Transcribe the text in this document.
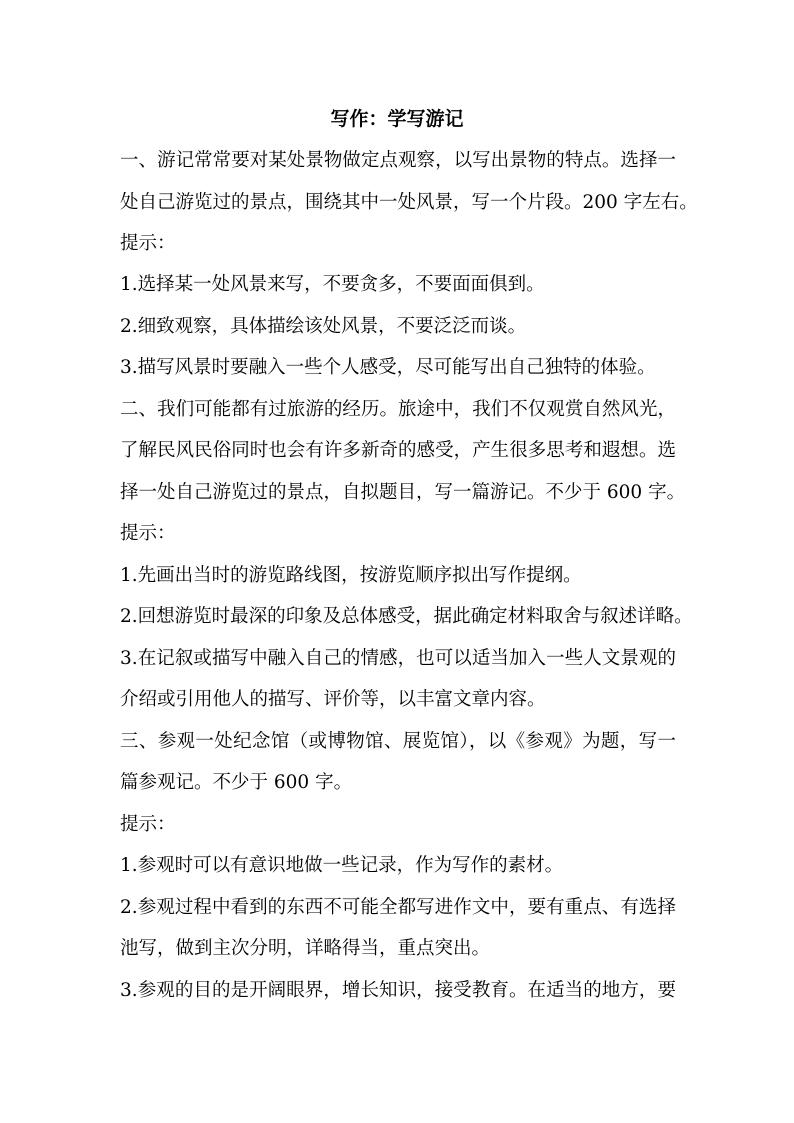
写作：学写游记
一、游记常常要对某处景物做定点观察，以写出景物的特点。选择一
处自己游览过的景点，围绕其中一处风景，写一个片段。200 字左右。
提示：
1.选择某一处风景来写，不要贪多，不要面面俱到。
2.细致观察，具体描绘该处风景，不要泛泛而谈。
3.描写风景时要融入一些个人感受，尽可能写出自己独特的体验。
二、我们可能都有过旅游的经历。旅途中，我们不仅观赏自然风光，
了解民风民俗同时也会有许多新奇的感受，产生很多思考和遐想。选
择一处自己游览过的景点，自拟题目，写一篇游记。不少于 600 字。
提示：
1.先画出当时的游览路线图，按游览顺序拟出写作提纲。
2.回想游览时最深的印象及总体感受，据此确定材料取舍与叙述详略。
3.在记叙或描写中融入自己的情感，也可以适当加入一些人文景观的
介绍或引用他人的描写、评价等，以丰富文章内容。
三、参观一处纪念馆（或博物馆、展览馆），以《参观》为题，写一
篇参观记。不少于 600 字。
提示：
1.参观时可以有意识地做一些记录，作为写作的素材。
2.参观过程中看到的东西不可能全都写进作文中，要有重点、有选择
池写，做到主次分明，详略得当，重点突出。
3.参观的目的是开阔眼界，增长知识，接受教育。在适当的地方，要
